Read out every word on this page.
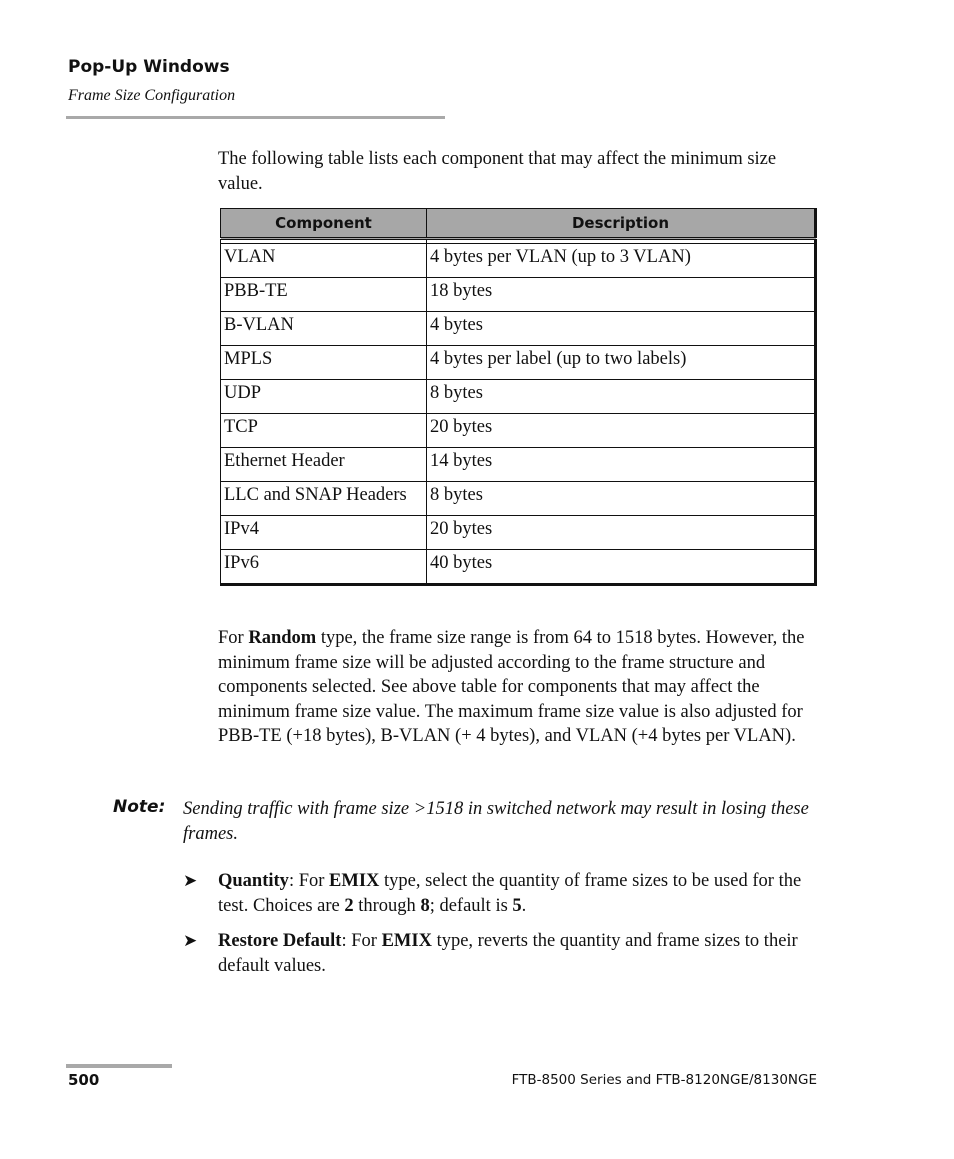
Pop-Up Windows
Frame Size Configuration
The following table lists each component that may affect the minimum size value.
Component	Description

VLAN	4 bytes per VLAN (up to 3 VLAN)
PBB-TE	18 bytes
B-VLAN	4 bytes
MPLS	4 bytes per label (up to two labels)
UDP	8 bytes
TCP	20 bytes
Ethernet Header	14 bytes
LLC and SNAP Headers	8 bytes
IPv4	20 bytes
IPv6	40 bytes
For Random type, the frame size range is from 64 to 1518 bytes. However, the minimum frame size will be adjusted according to the frame structure and components selected. See above table for components that may affect the minimum frame size value. The maximum frame size value is also adjusted for PBB-TE (+18 bytes), B-VLAN (+ 4 bytes), and VLAN (+4 bytes per VLAN).
Note: Sending traffic with frame size >1518 in switched network may result in losing these frames.
➤ Quantity: For EMIX type, select the quantity of frame sizes to be used for the test. Choices are 2 through 8; default is 5.
➤ Restore Default: For EMIX type, reverts the quantity and frame sizes to their default values.
500	FTB-8500 Series and FTB-8120NGE/8130NGE
